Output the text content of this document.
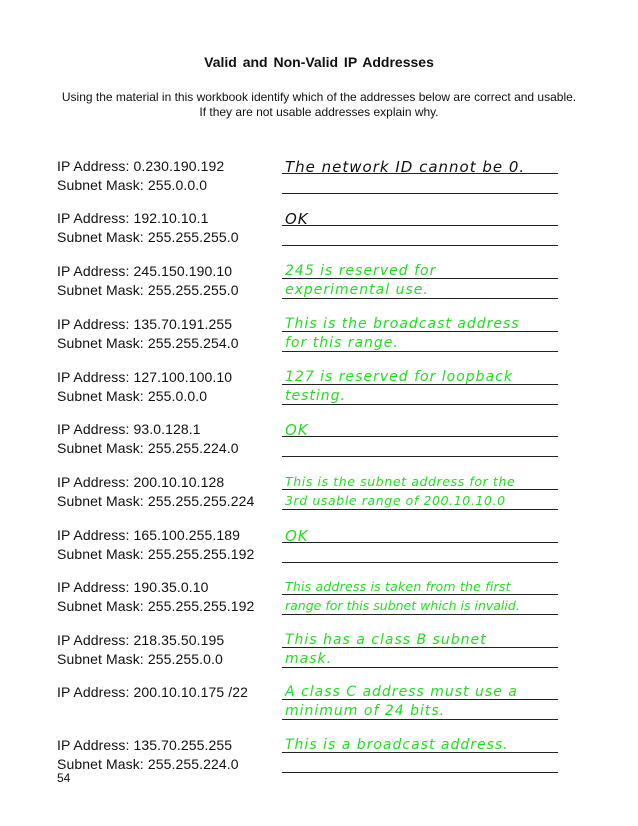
Valid and Non-Valid IP Addresses
Using the material in this workbook identify which of the addresses below are correct and usable. If they are not usable addresses explain why.
IP Address: 0.230.190.192
Subnet Mask: 255.0.0.0
The network ID cannot be 0.
IP Address: 192.10.10.1
Subnet Mask: 255.255.255.0
OK
IP Address: 245.150.190.10
Subnet Mask: 255.255.255.0
245 is reserved for
experimental use.
IP Address: 135.70.191.255
Subnet Mask: 255.255.254.0
This is the broadcast address
for this range.
IP Address: 127.100.100.10
Subnet Mask: 255.0.0.0
127 is reserved for loopback
testing.
IP Address: 93.0.128.1
Subnet Mask: 255.255.224.0
OK
IP Address: 200.10.10.128
Subnet Mask: 255.255.255.224
This is the subnet address for the
3rd usable range of 200.10.10.0
IP Address: 165.100.255.189
Subnet Mask: 255.255.255.192
OK
IP Address: 190.35.0.10
Subnet Mask: 255.255.255.192
This address is taken from the first
range for this subnet which is invalid.
IP Address: 218.35.50.195
Subnet Mask: 255.255.0.0
This has a class B subnet
mask.
IP Address: 200.10.10.175 /22	A class C address must use a
minimum of 24 bits.
IP Address: 135.70.255.255
Subnet Mask: 255.255.224.0
This is a broadcast address.
54
